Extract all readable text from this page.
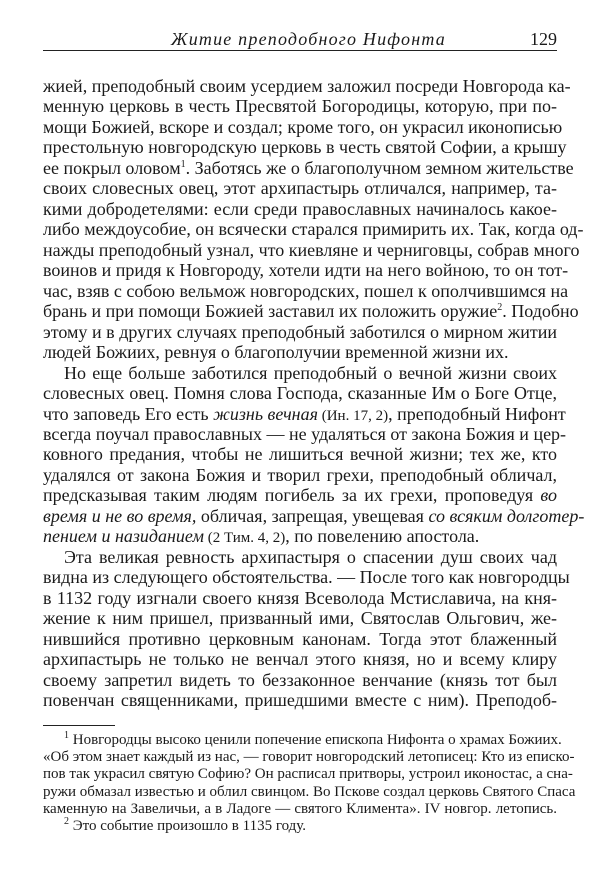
Житие преподобного Нифонта	129
жией, преподобный своим усердием заложил посреди Новгорода ка-
менную церковь в честь Пресвятой Богородицы, которую, при по-
мощи Божией, вскоре и создал; кроме того, он украсил иконописью
престольную новгородскую церковь в честь святой Софии, а крышу
ее покрыл оловом$^1$. Заботясь же о благополучном земном жительстве
своих словесных овец, этот архипастырь отличался, например, та-
кими добродетелями: если среди православных начиналось какое-
либо междоусобие, он всячески старался примирить их. Так, когда од-
нажды преподобный узнал, что киевляне и черниговцы, собрав много
воинов и придя к Новгороду, хотели идти на него войною, то он тот-
час, взяв с собою вельмож новгородских, пошел к ополчившимся на
брань и при помощи Божией заставил их положить оружие$^2$. Подобно
этому и в других случаях преподобный заботился о мирном житии
людей Божиих, ревнуя о благополучии временной жизни их.
Но еще больше заботился преподобный о вечной жизни своих
словесных овец. Помня слова Господа, сказанные Им о Боге Отце,
что заповедь Его есть жизнь вечная (Ин. 17, 2), преподобный Нифонт
всегда поучал православных — не удаляться от закона Божия и цер-
ковного предания, чтобы не лишиться вечной жизни; тех же, кто
удалялся от закона Божия и творил грехи, преподобный обличал,
предсказывая таким людям погибель за их грехи, проповедуя во
время и не во время, обличая, запрещая, увещевая со всяким долготер-
пением и назиданием (2 Тим. 4, 2), по повелению апостола.
Эта великая ревность архипастыря о спасении душ своих чад
видна из следующего обстоятельства. — После того как новгородцы
в 1132 году изгнали своего князя Всеволода Мстиславича, на кня-
жение к ним пришел, призванный ими, Святослав Ольгович, же-
нившийся противно церковным канонам. Тогда этот блаженный
архипастырь не только не венчал этого князя, но и всему клиру
своему запретил видеть то беззаконное венчание (князь тот был
повенчан священниками, пришедшими вместе с ним). Преподоб-
$^1$ Новгородцы высоко ценили попечение епископа Нифонта о храмах Божиих.
«Об этом знает каждый из нас, — говорит новгородский летописец: Кто из еписко-
пов так украсил святую Софию? Он расписал притворы, устроил иконостас, а сна-
ружи обмазал известью и облил свинцом. Во Пскове создал церковь Святого Спаса
каменную на Завеличьи, а в Ладоге — святого Климента». IV новгор. летопись.
$^2$ Это событие произошло в 1135 году.
